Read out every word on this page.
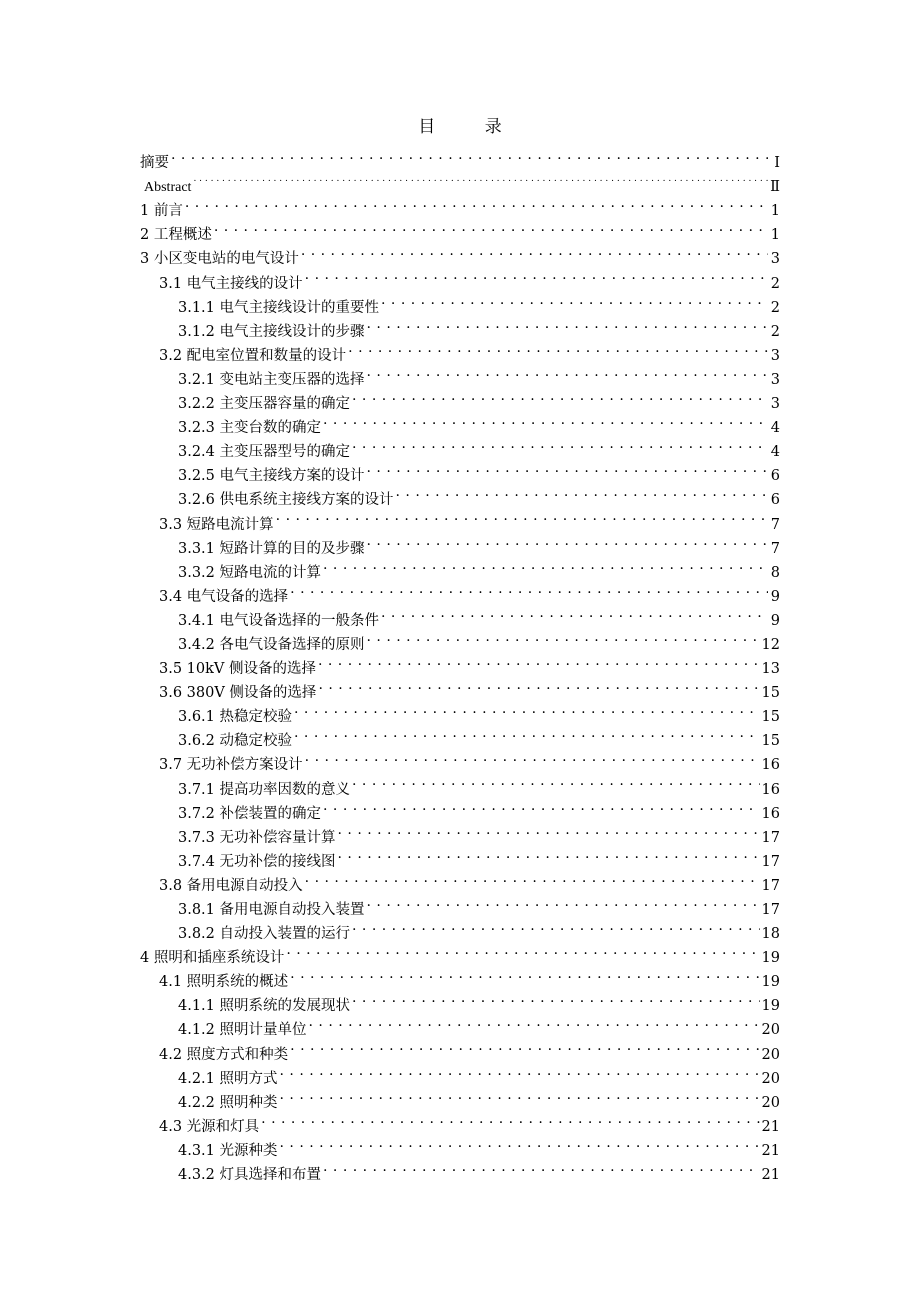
目 录
摘要 . . .	I
Abstract . . .	Ⅱ
1 前言 . . .	1
2 工程概述 . . .	1
3 小区变电站的电气设计 . . .	3
3.1 电气主接线的设计 . . .	2
3.1.1 电气主接线设计的重要性 . . .	2
3.1.2 电气主接线设计的步骤 . . .	2
3.2 配电室位置和数量的设计 . . .	3
3.2.1 变电站主变压器的选择 . . .	3
3.2.2 主变压器容量的确定 . . .	3
3.2.3 主变台数的确定 . . .	4
3.2.4 主变压器型号的确定 . . .	4
3.2.5 电气主接线方案的设计 . . .	6
3.2.6 供电系统主接线方案的设计 . . .	6
3.3 短路电流计算 . . .	7
3.3.1 短路计算的目的及步骤 . . .	7
3.3.2 短路电流的计算 . . .	8
3.4 电气设备的选择 . . .	9
3.4.1 电气设备选择的一般条件 . . .	9
3.4.2 各电气设备选择的原则 . . .	12
3.5 10kV 侧设备的选择 . . .	13
3.6 380V 侧设备的选择 . . .	15
3.6.1 热稳定校验 . . .	15
3.6.2 动稳定校验 . . .	15
3.7 无功补偿方案设计 . . .	16
3.7.1 提高功率因数的意义 . . .	16
3.7.2 补偿装置的确定 . . .	16
3.7.3 无功补偿容量计算 . . .	17
3.7.4 无功补偿的接线图 . . .	17
3.8 备用电源自动投入 . . .	17
3.8.1 备用电源自动投入装置 . . .	17
3.8.2 自动投入装置的运行 . . .	18
4 照明和插座系统设计 . . .	19
4.1 照明系统的概述 . . .	19
4.1.1 照明系统的发展现状 . . .	19
4.1.2 照明计量单位 . . .	20
4.2 照度方式和种类 . . .	20
4.2.1 照明方式 . . .	20
4.2.2 照明种类 . . .	20
4.3 光源和灯具 . . .	21
4.3.1 光源种类 . . .	21
4.3.2 灯具选择和布置 . . .	21
